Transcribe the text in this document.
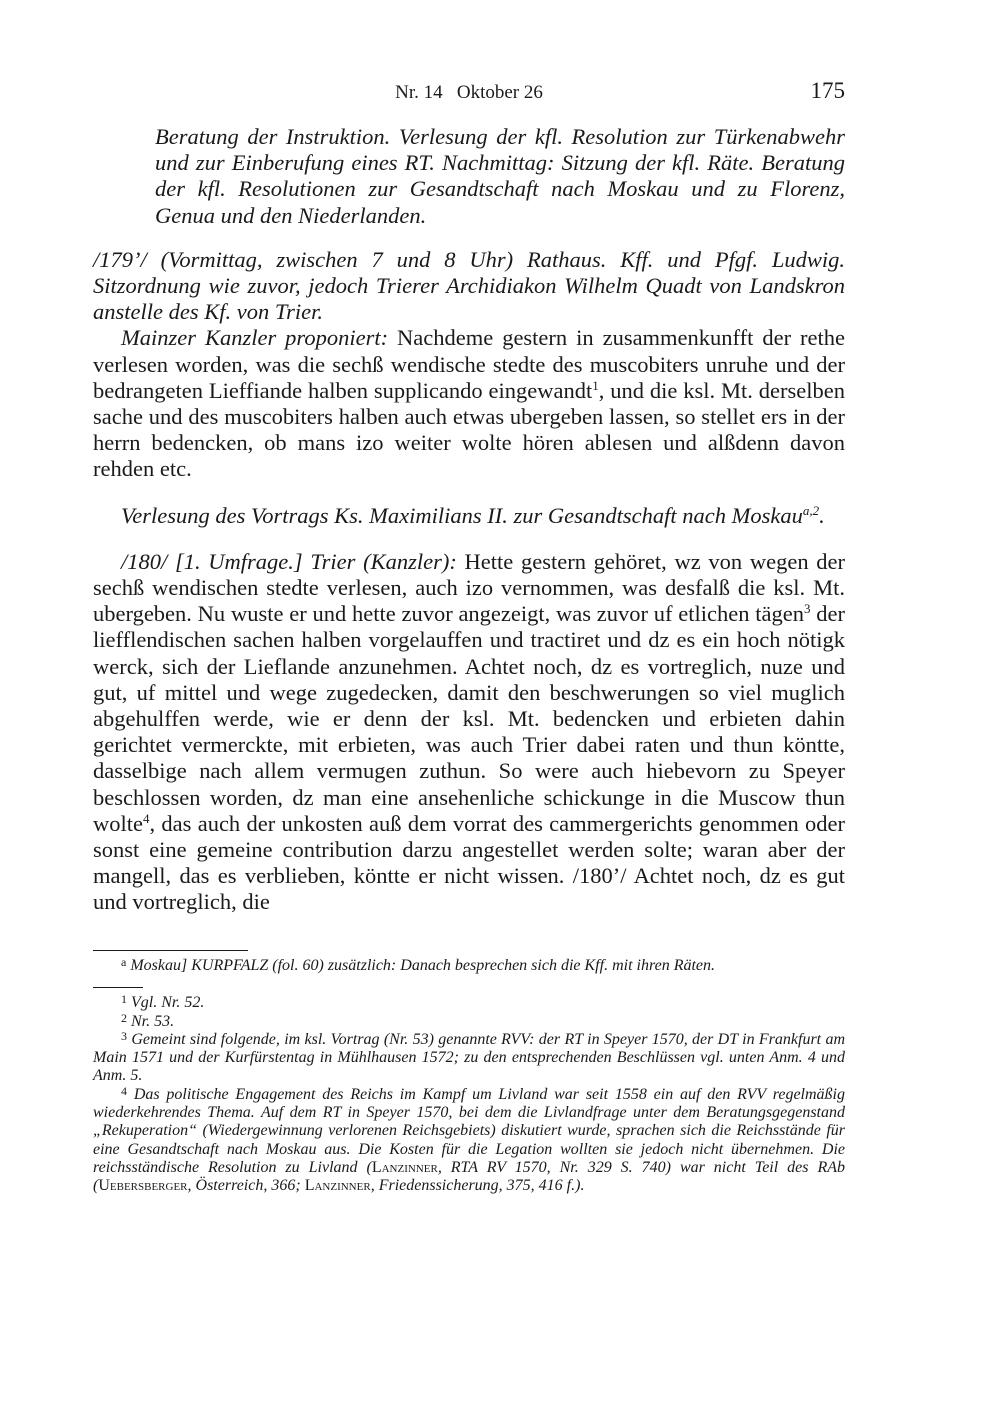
Nr. 14   Oktober 26	175

Beratung der Instruktion. Verlesung der kfl. Resolution zur Türkenabwehr und zur Einberufung eines RT. Nachmittag: Sitzung der kfl. Räte. Beratung der kfl. Resolutionen zur Gesandtschaft nach Moskau und zu Florenz, Genua und den Niederlanden.

/179’/ (Vormittag, zwischen 7 und 8 Uhr) Rathaus. Kff. und Pfgf. Ludwig. Sitzordnung wie zuvor, jedoch Trierer Archidiakon Wilhelm Quadt von Landskron anstelle des Kf. von Trier.

Mainzer Kanzler proponiert: Nachdeme gestern in zusammenkunfft der rethe verlesen worden, was die sechß wendische stedte des muscobiters unruhe und der bedrangeten Lieffiande halben supplicando eingewandt$^1$, und die ksl. Mt. derselben sache und des muscobiters halben auch etwas ubergeben lassen, so stellet ers in der herrn bedencken, ob mans izo weiter wolte hören ablesen und alßdenn davon rehden etc.

Verlesung des Vortrags Ks. Maximilians II. zur Gesandtschaft nach Moskau$^{a,2}$.

/180/ [1. Umfrage.] Trier (Kanzler): Hette gestern gehöret, wz von wegen der sechß wendischen stedte verlesen, auch izo vernommen, was desfalß die ksl. Mt. ubergeben. Nu wuste er und hette zuvor angezeigt, was zuvor uf etlichen tägen$^3$ der liefflendischen sachen halben vorgelauffen und tractiret und dz es ein hoch nötigk werck, sich der Lieflande anzunehmen. Achtet noch, dz es vortreglich, nuze und gut, uf mittel und wege zugedecken, damit den beschwerungen so viel muglich abgehulffen werde, wie er denn der ksl. Mt. bedencken und erbieten dahin gerichtet vermerckte, mit erbieten, was auch Trier dabei raten und thun köntte, dasselbige nach allem vermugen zuthun. So were auch hiebevorn zu Speyer beschlossen worden, dz man eine ansehenliche schickunge in die Muscow thun wolte$^4$, das auch der unkosten auß dem vorrat des cammergerichts genommen oder sonst eine gemeine contribution darzu angestellet werden solte; waran aber der mangell, das es verblieben, köntte er nicht wissen. /180’/ Achtet noch, dz es gut und vortreglich, die

$^a$ Moskau] KURPFALZ (fol. 60) zusätzlich: Danach besprechen sich die Kff. mit ihren Räten.

$^1$ Vgl. Nr. 52.

$^2$ Nr. 53.

$^3$ Gemeint sind folgende, im ksl. Vortrag (Nr. 53) genannte RVV: der RT in Speyer 1570, der DT in Frankfurt am Main 1571 und der Kurfürstentag in Mühlhausen 1572; zu den entsprechenden Beschlüssen vgl. unten Anm. 4 und Anm. 5.

$^4$ Das politische Engagement des Reichs im Kampf um Livland war seit 1558 ein auf den RVV regelmäßig wiederkehrendes Thema. Auf dem RT in Speyer 1570, bei dem die Livlandfrage unter dem Beratungsgegenstand „Rekuperation“ (Wiedergewinnung verlorenen Reichsgebiets) diskutiert wurde, sprachen sich die Reichsstände für eine Gesandtschaft nach Moskau aus. Die Kosten für die Legation wollten sie jedoch nicht übernehmen. Die reichsständische Resolution zu Livland (Lanzinner, RTA RV 1570, Nr. 329 S. 740) war nicht Teil des RAb (Uebersberger, Österreich, 366; Lanzinner, Friedenssicherung, 375, 416 f.).
